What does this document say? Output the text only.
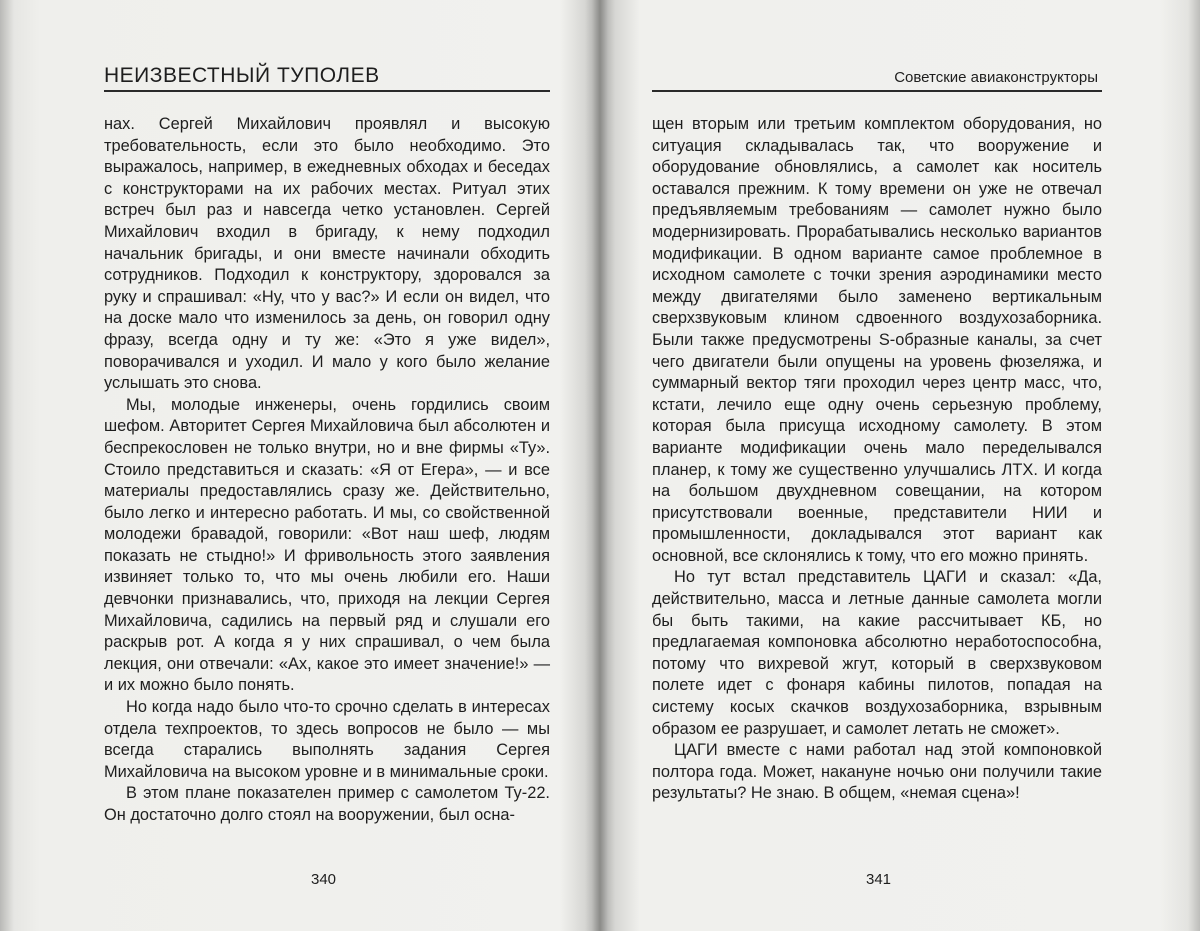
НЕИЗВЕСТНЫЙ ТУПОЛЕВ

нах. Сергей Михайлович проявлял и высокую требовательность, если это было необходимо. Это выражалось, например, в ежедневных обходах и беседах с конструкторами на их рабочих местах. Ритуал этих встреч был раз и навсегда четко установлен. Сергей Михайлович входил в бригаду, к нему подходил начальник бригады, и они вместе начинали обходить сотрудников. Подходил к конструктору, здоровался за руку и спрашивал: «Ну, что у вас?» И если он видел, что на доске мало что изменилось за день, он говорил одну фразу, всегда одну и ту же: «Это я уже видел», поворачивался и уходил. И мало у кого было желание услышать это снова.

Мы, молодые инженеры, очень гордились своим шефом. Авторитет Сергея Михайловича был абсолютен и беспрекословен не только внутри, но и вне фирмы «Ту». Стоило представиться и сказать: «Я от Егера», — и все материалы предоставлялись сразу же. Действительно, было легко и интересно работать. И мы, со свойственной молодежи бравадой, говорили: «Вот наш шеф, людям показать не стыдно!» И фривольность этого заявления извиняет только то, что мы очень любили его. Наши девчонки признавались, что, приходя на лекции Сергея Михайловича, садились на первый ряд и слушали его раскрыв рот. А когда я у них спрашивал, о чем была лекция, они отвечали: «Ах, какое это имеет значение!» — и их можно было понять.

Но когда надо было что-то срочно сделать в интересах отдела техпроектов, то здесь вопросов не было — мы всегда старались выполнять задания Сергея Михайловича на высоком уровне и в минимальные сроки.

В этом плане показателен пример с самолетом Ту-22. Он достаточно долго стоял на вооружении, был осна-

340
Советские авиаконструкторы

щен вторым или третьим комплектом оборудования, но ситуация складывалась так, что вооружение и оборудование обновлялись, а самолет как носитель оставался прежним. К тому времени он уже не отвечал предъявляемым требованиям — самолет нужно было модернизировать. Прорабатывались несколько вариантов модификации. В одном варианте самое проблемное в исходном самолете с точки зрения аэродинамики место между двигателями было заменено вертикальным сверхзвуковым клином сдвоенного воздухозаборника. Были также предусмотрены S-образные каналы, за счет чего двигатели были опущены на уровень фюзеляжа, и суммарный вектор тяги проходил через центр масс, что, кстати, лечило еще одну очень серьезную проблему, которая была присуща исходному самолету. В этом варианте модификации очень мало переделывался планер, к тому же существенно улучшались ЛТХ. И когда на большом двухдневном совещании, на котором присутствовали военные, представители НИИ и промышленности, докладывался этот вариант как основной, все склонялись к тому, что его можно принять.

Но тут встал представитель ЦАГИ и сказал: «Да, действительно, масса и летные данные самолета могли бы быть такими, на какие рассчитывает КБ, но предлагаемая компоновка абсолютно неработоспособна, потому что вихревой жгут, который в сверхзвуковом полете идет с фонаря кабины пилотов, попадая на систему косых скачков воздухозаборника, взрывным образом ее разрушает, и самолет летать не сможет».

ЦАГИ вместе с нами работал над этой компоновкой полтора года. Может, накануне ночью они получили такие результаты? Не знаю. В общем, «немая сцена»!

341
